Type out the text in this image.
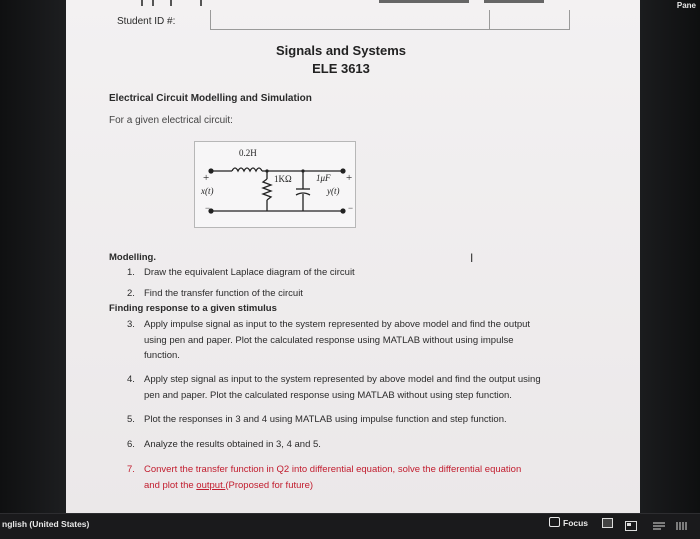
Pane
Student ID #:
Signals and Systems
ELE 3613
Electrical Circuit Modelling and Simulation
For a given electrical circuit:
0.2H
1KΩ	1μF
+
x(t)
−
+
y(t)
−
I
Modelling.
1. Draw the equivalent Laplace diagram of the circuit
2. Find the transfer function of the circuit
Finding response to a given stimulus
3. Apply impulse signal as input to the system represented by above model and find the output
using pen and paper. Plot the calculated response using MATLAB without using impulse
function.
4. Apply step signal as input to the system represented by above model and find the output using
pen and paper. Plot the calculated response using MATLAB without using step function.
5. Plot the responses in 3 and 4 using MATLAB using impulse function and step function.
6. Analyze the results obtained in 3, 4 and 5.
7. Convert the transfer function in Q2 into differential equation, solve the differential equation
and plot the output.(Proposed for future)
nglish (United States)	Focus
